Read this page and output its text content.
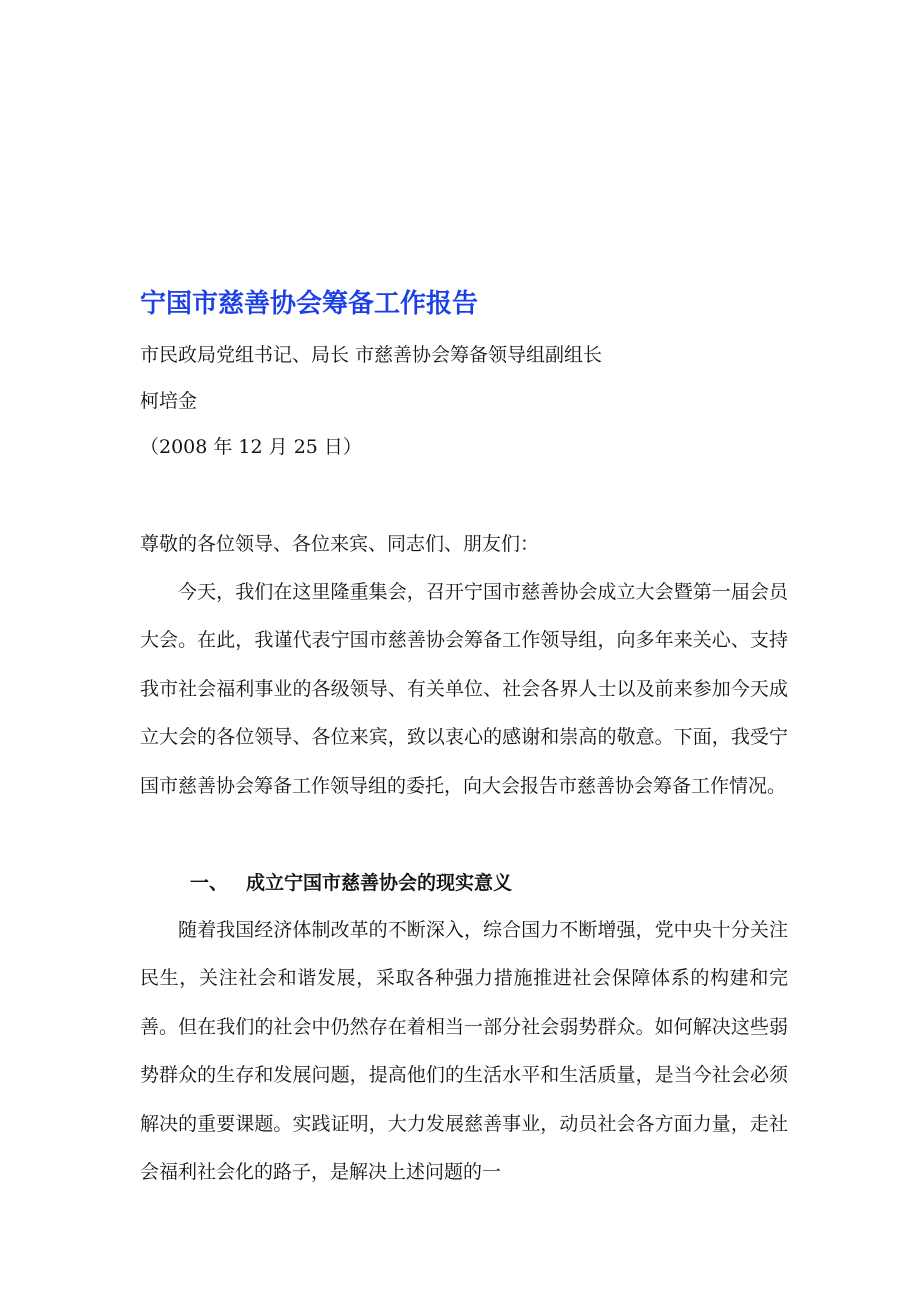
宁国市慈善协会筹备工作报告
市民政局党组书记、局长 市慈善协会筹备领导组副组长
柯培金
（2008 年 12 月 25 日）
尊敬的各位领导、各位来宾、同志们、朋友们：

今天，我们在这里隆重集会，召开宁国市慈善协会成立大会暨第一届会员大会。在此，我谨代表宁国市慈善协会筹备工作领导组，向多年来关心、支持我市社会福利事业的各级领导、有关单位、社会各界人士以及前来参加今天成立大会的各位领导、各位来宾，致以衷心的感谢和崇高的敬意。下面，我受宁国市慈善协会筹备工作领导组的委托，向大会报告市慈善协会筹备工作情况。

一、 成立宁国市慈善协会的现实意义

随着我国经济体制改革的不断深入，综合国力不断增强，党中央十分关注民生，关注社会和谐发展，采取各种强力措施推进社会保障体系的构建和完善。但在我们的社会中仍然存在着相当一部分社会弱势群众。如何解决这些弱势群众的生存和发展问题，提高他们的生活水平和生活质量，是当今社会必须解决的重要课题。实践证明，大力发展慈善事业，动员社会各方面力量，走社会福利社会化的路子，是解决上述问题的一
